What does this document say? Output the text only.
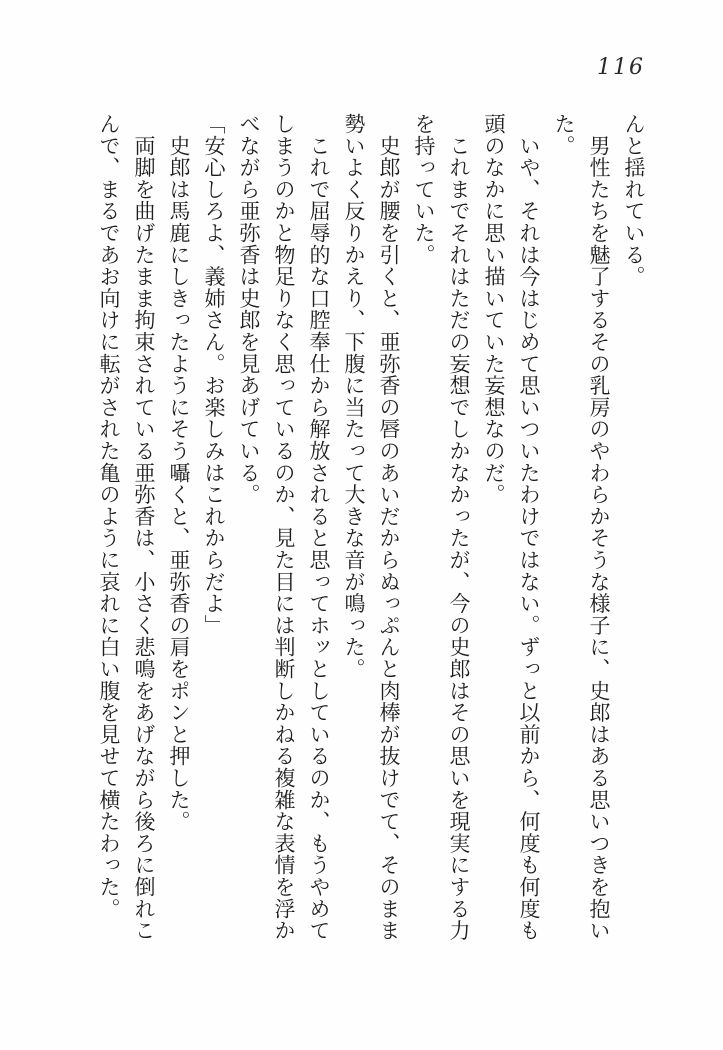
116
んと揺れている。
　男性たちを魅了するその乳房のやわらかそうな様子に、史郎はある思いつきを抱い
た。
　いや、それは今はじめて思いついたわけではない。ずっと以前から、何度も何度も
頭のなかに思い描いていた妄想なのだ。
　これまでそれはただの妄想でしかなかったが、今の史郎はその思いを現実にする力
を持っていた。
　史郎が腰を引くと、亜弥香の唇のあいだからぬっぷんと肉棒が抜けでて、そのまま
勢いよく反りかえり、下腹に当たって大きな音が鳴った。
　これで屈辱的な口腔奉仕から解放されると思ってホッとしているのか、もうやめて
しまうのかと物足りなく思っているのか、見た目には判断しかねる複雑な表情を浮か
べながら亜弥香は史郎を見あげている。
「安心しろよ、義姉さん。お楽しみはこれからだよ」
　史郎は馬鹿にしきったようにそう囁くと、亜弥香の肩をポンと押した。
　両脚を曲げたまま拘束されている亜弥香は、小さく悲鳴をあげながら後ろに倒れこ
んで、まるであお向けに転がされた亀のように哀れに白い腹を見せて横たわった。
